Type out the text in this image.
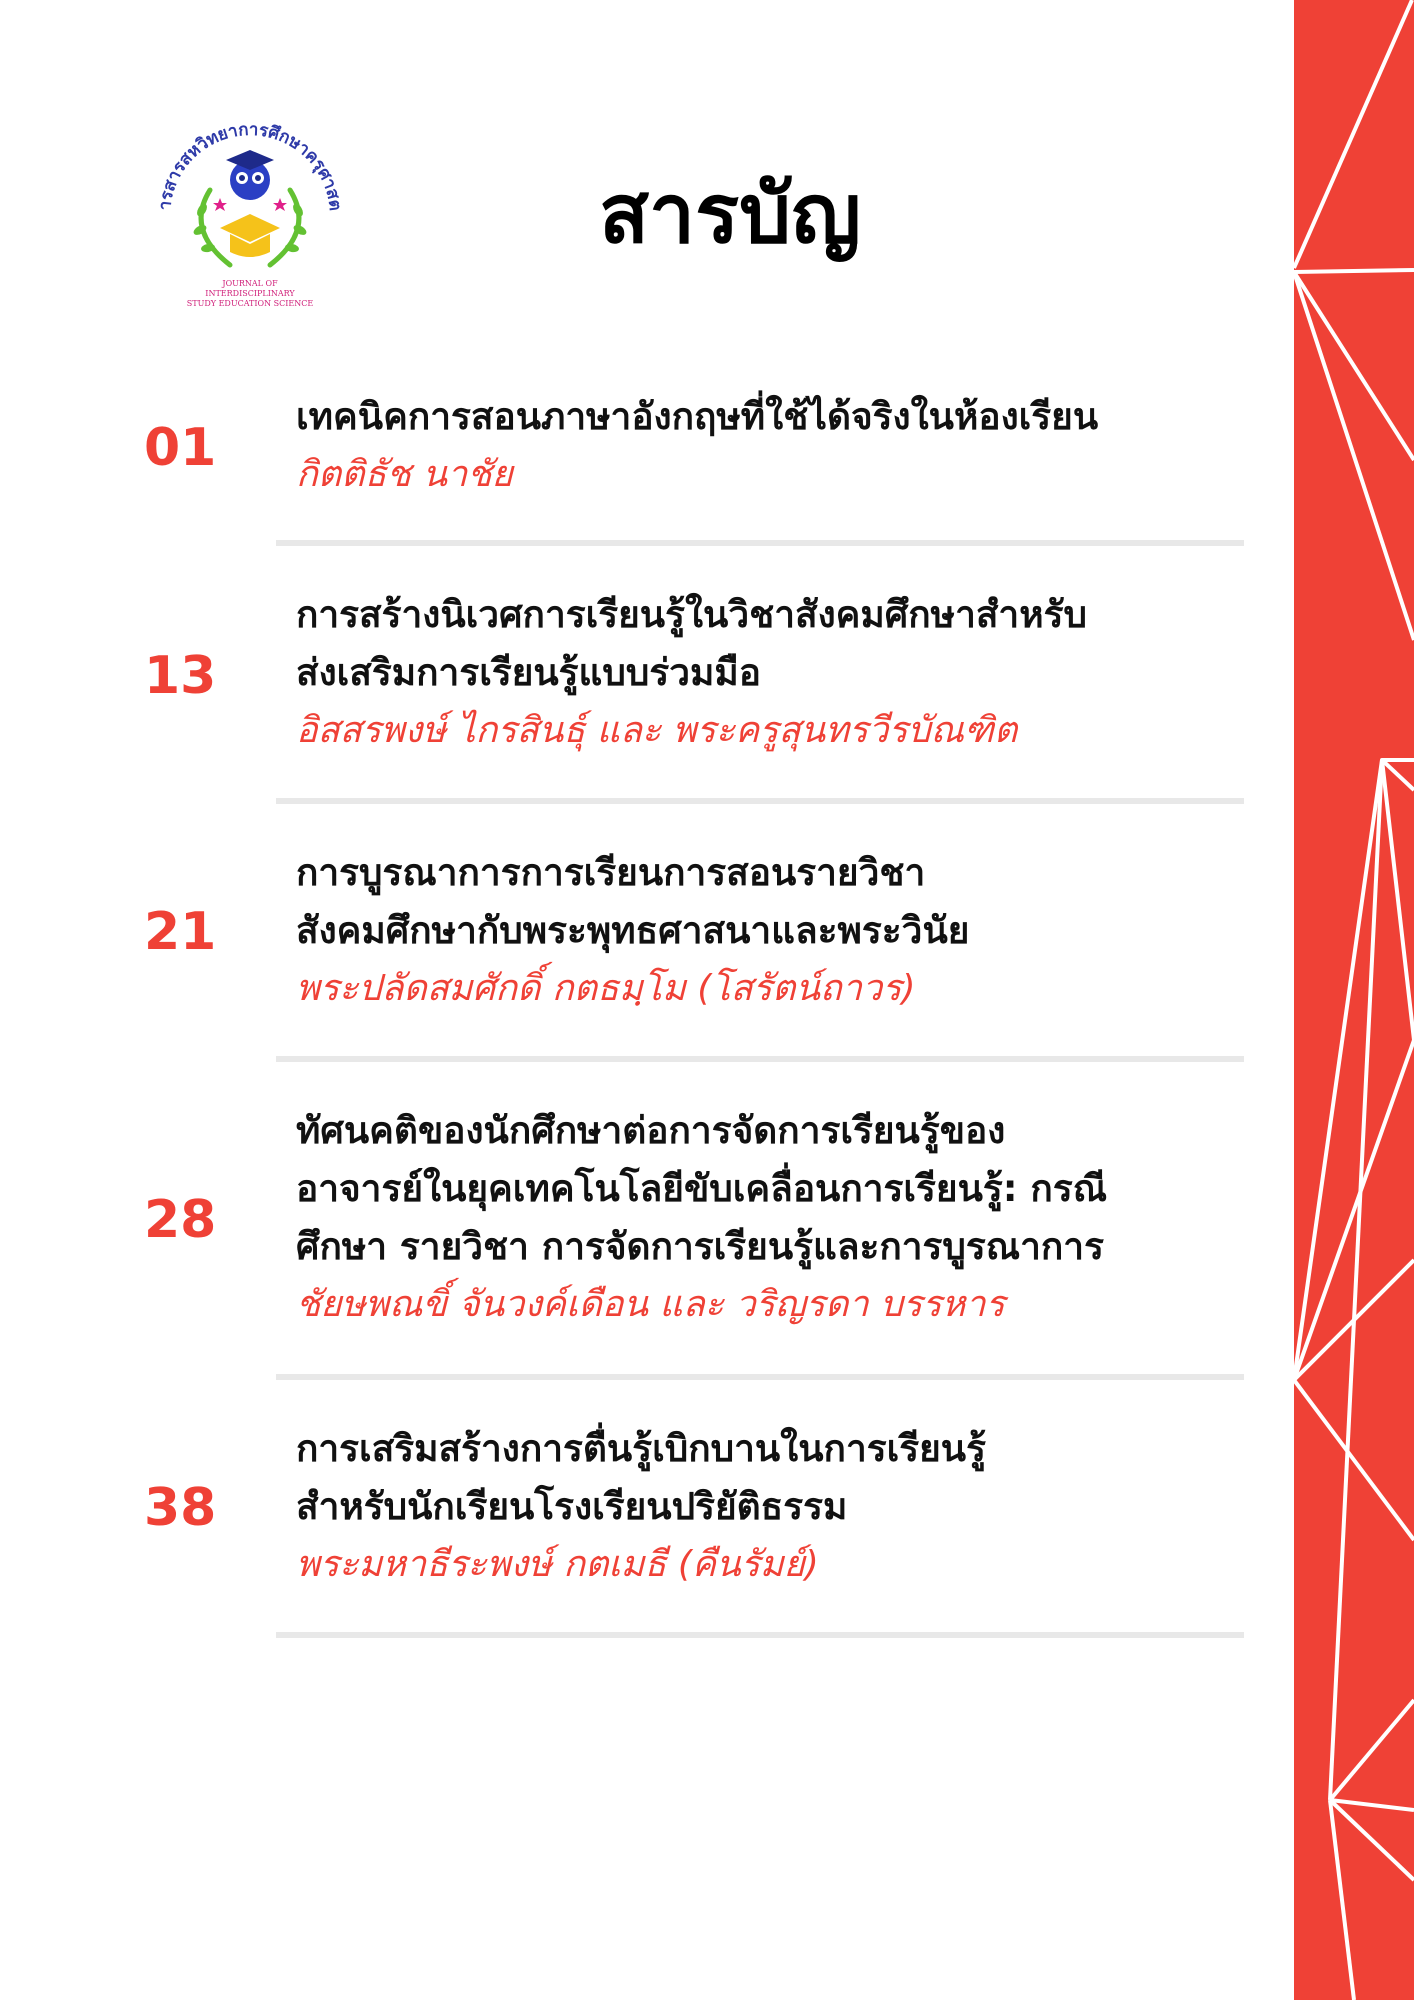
ารสารสหวิทยาการศึกษาครุศาสต
JOURNAL OF
INTERDISCIPLINARY
STUDY EDUCATION SCIENCE
สารบัญ
01
เทคนิคการสอนภาษาอังกฤษที่ใช้ได้จริงในห้องเรียน
กิตติธัช นาชัย
13
การสร้างนิเวศการเรียนรู้ในวิชาสังคมศึกษาสำหรับ
ส่งเสริมการเรียนรู้แบบร่วมมือ
อิสสรพงษ์ ไกรสินธุ์ และ พระครูสุนทรวีรบัณฑิต
21
การบูรณาการการเรียนการสอนรายวิชา
สังคมศึกษากับพระพุทธศาสนาและพระวินัย
พระปลัดสมศักดิ์ กตธมฺโม (โสรัตน์ถาวร)
28
ทัศนคติของนักศึกษาต่อการจัดการเรียนรู้ของ
อาจารย์ในยุคเทคโนโลยีขับเคลื่อนการเรียนรู้: กรณี
ศึกษา รายวิชา การจัดการเรียนรู้และการบูรณาการ
ชัยษพณขิ์ จันวงค์เดือน และ วริญรดา บรรหาร
38
การเสริมสร้างการตื่นรู้เบิกบานในการเรียนรู้
สำหรับนักเรียนโรงเรียนปริยัติธรรม
พระมหาธีระพงษ์ กตเมธี (คืนรัมย์)
